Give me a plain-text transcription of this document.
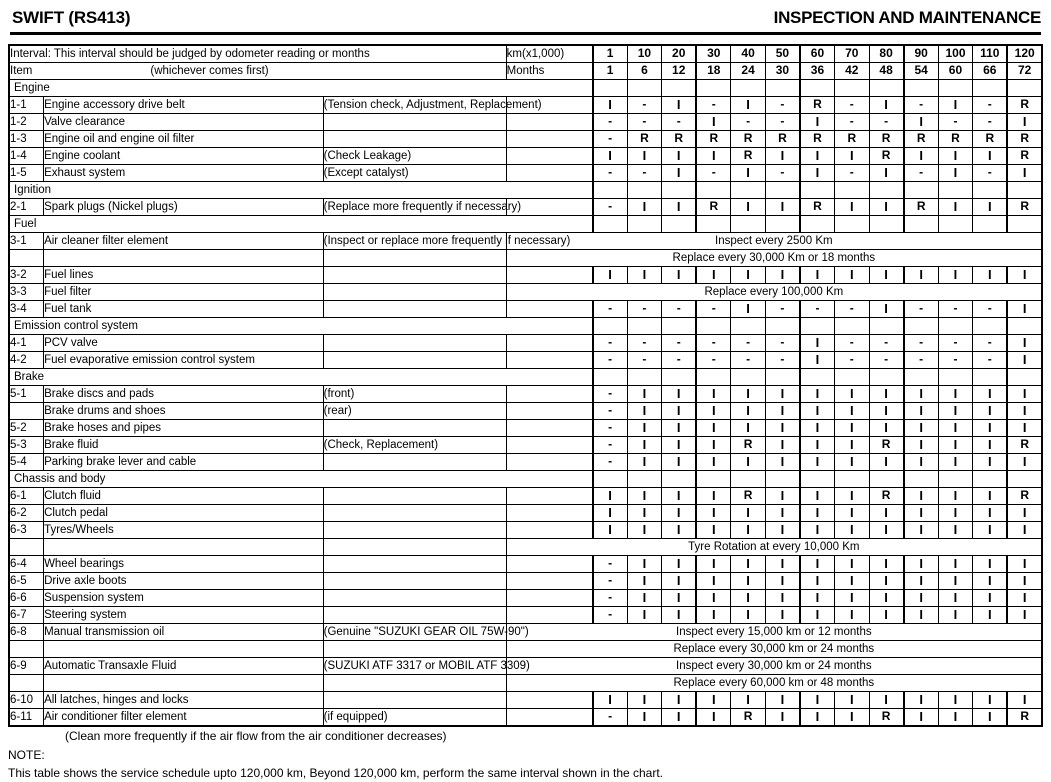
SWIFT (RS413)	INSPECTION AND MAINTENANCE
Interval: This interval should be judged by odometer reading or months			km(x1,000)	1	10	20	30	40	50	60	70	80	90	100	110	120
Item (whichever comes first)			Months	1	6	12	18	24	30	36	42	48	54	60	66	72
Engine																
1-1	Engine accessory drive belt	(Tension check, Adjustment, Replacement)		I	-	I	-	I	-	R	-	I	-	I	-	R
1-2	Valve clearance			-	-	-	I	-	-	I	-	-	I	-	-	I
1-3	Engine oil and engine oil filter			-	R	R	R	R	R	R	R	R	R	R	R	R
1-4	Engine coolant	(Check Leakage)		I	I	I	I	R	I	I	I	R	I	I	I	R
1-5	Exhaust system	(Except catalyst)		-	-	I	-	I	-	I	-	I	-	I	-	I
Ignition																
2-1	Spark plugs (Nickel plugs)	(Replace more frequently if necessary)		-	I	I	R	I	I	R	I	I	R	I	I	R
Fuel																
3-1	Air cleaner filter element	(Inspect or replace more frequently if necessary)	Inspect every 2500 Km													
			Replace every 30,000 Km or 18 months													
3-2	Fuel lines			I	I	I	I	I	I	I	I	I	I	I	I	I
3-3	Fuel filter		Replace every 100,000 Km													
3-4	Fuel tank			-	-	-	-	I	-	-	-	I	-	-	-	I
Emission control system																
4-1	PCV valve			-	-	-	-	-	-	I	-	-	-	-	-	I
4-2	Fuel evaporative emission control system			-	-	-	-	-	-	I	-	-	-	-	-	I
Brake																
5-1	Brake discs and pads	(front)		-	I	I	I	I	I	I	I	I	I	I	I	I
	Brake drums and shoes	(rear)		-	I	I	I	I	I	I	I	I	I	I	I	I
5-2	Brake hoses and pipes			-	I	I	I	I	I	I	I	I	I	I	I	I
5-3	Brake fluid	(Check, Replacement)		-	I	I	I	R	I	I	I	R	I	I	I	R
5-4	Parking brake lever and cable			-	I	I	I	I	I	I	I	I	I	I	I	I
Chassis and body																
6-1	Clutch fluid			I	I	I	I	R	I	I	I	R	I	I	I	R
6-2	Clutch pedal			I	I	I	I	I	I	I	I	I	I	I	I	I
6-3	Tyres/Wheels			I	I	I	I	I	I	I	I	I	I	I	I	I
			Tyre Rotation at every 10,000 Km													
6-4	Wheel bearings			-	I	I	I	I	I	I	I	I	I	I	I	I
6-5	Drive axle boots			-	I	I	I	I	I	I	I	I	I	I	I	I
6-6	Suspension system			-	I	I	I	I	I	I	I	I	I	I	I	I
6-7	Steering system			-	I	I	I	I	I	I	I	I	I	I	I	I
6-8	Manual transmission oil	(Genuine "SUZUKI GEAR OIL 75W-90")	Inspect every 15,000 km or 12 months													
			Replace every 30,000 km or 24 months													
6-9	Automatic Transaxle Fluid	(SUZUKI ATF 3317 or MOBIL ATF 3309)	Inspect every 30,000 km or 24 months													
			Replace every 60,000 km or 48 months													
6-10	All latches, hinges and locks			I	I	I	I	I	I	I	I	I	I	I	I	I
6-11	Air conditioner filter element	(if equipped)		-	I	I	I	R	I	I	I	R	I	I	I	R
(Clean more frequently if the air flow from the air conditioner decreases)
NOTE:
This table shows the service schedule upto 120,000 km, Beyond 120,000 km, perform the same interval shown in the chart.
